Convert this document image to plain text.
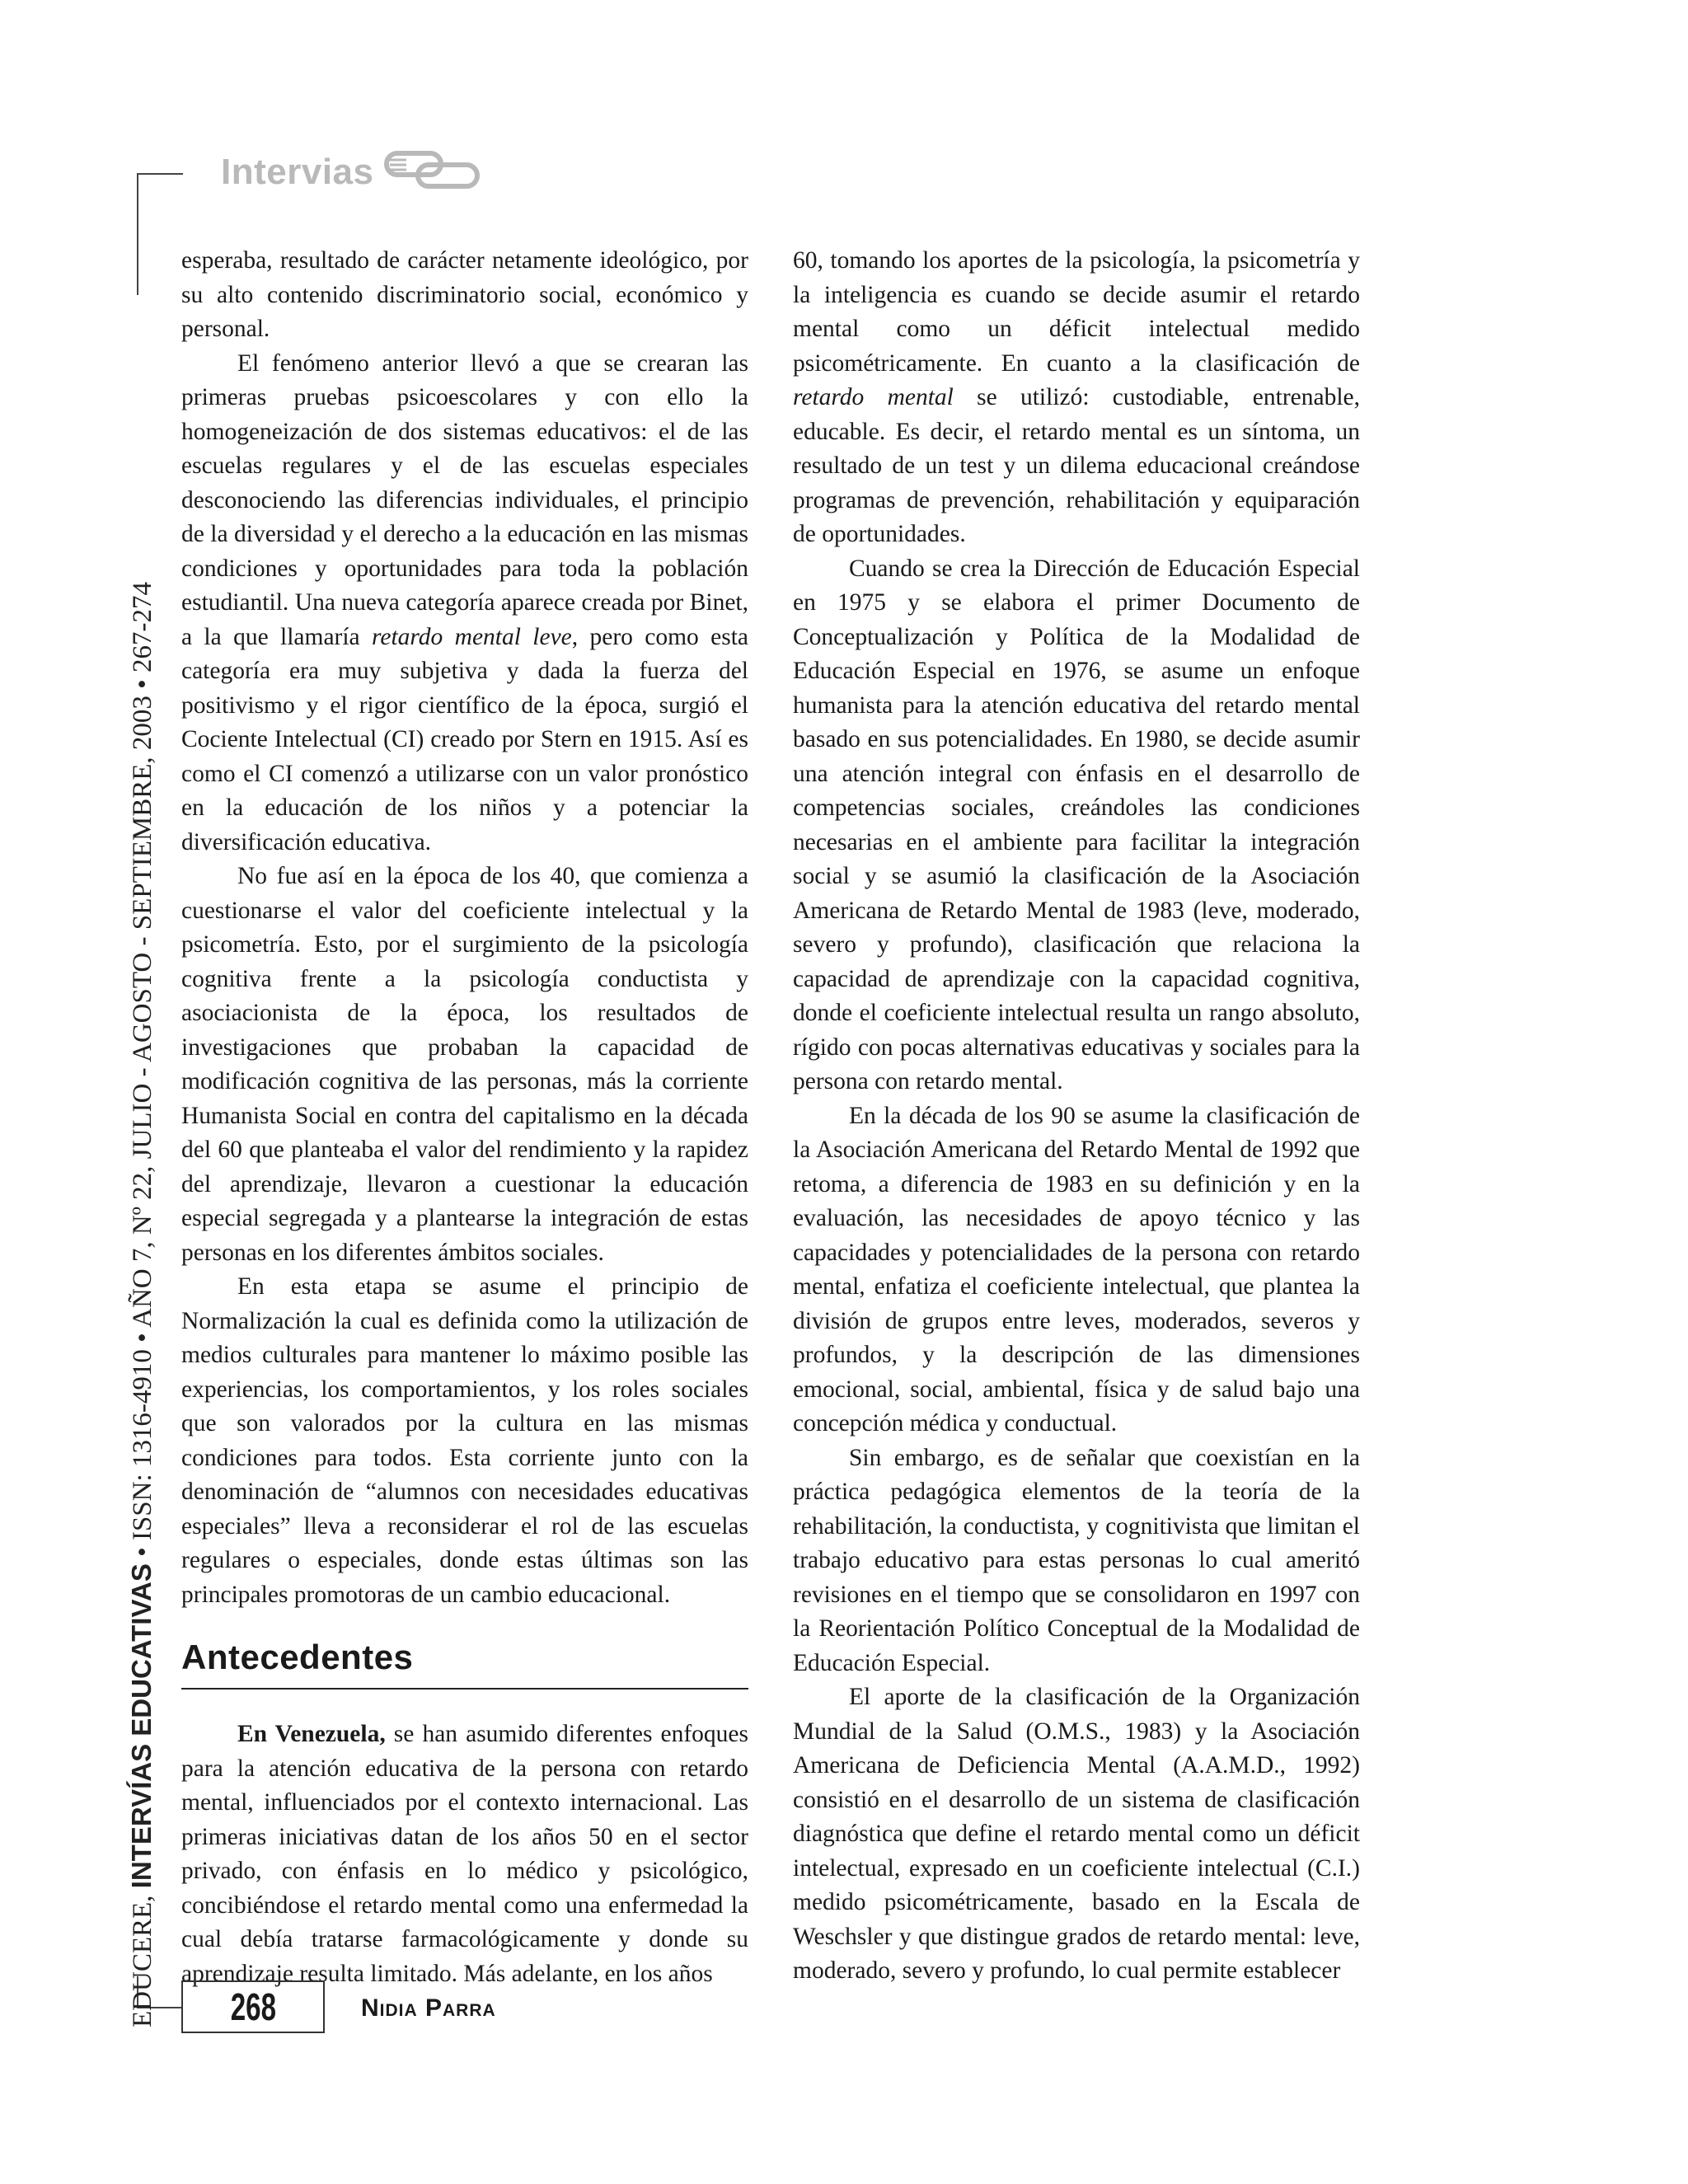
Intervias
EDUCERE, INTERVÍAS EDUCATIVAS • ISSN: 1316-4910 • AÑO 7, Nº 22, JULIO - AGOSTO - SEPTIEMBRE, 2003 • 267-274

esperaba, resultado de carácter netamente ideológico, por su alto contenido discriminatorio social, económico y personal.

El fenómeno anterior llevó a que se crearan las primeras pruebas psicoescolares y con ello la homogeneización de dos sistemas educativos: el de las escuelas regulares y el de las escuelas especiales desconociendo las diferencias individuales, el principio de la diversidad y el derecho a la educación en las mismas condiciones y oportunidades para toda la población estudiantil. Una nueva categoría aparece creada por Binet, a la que llamaría retardo mental leve, pero como esta categoría era muy subjetiva y dada la fuerza del positivismo y el rigor científico de la época, surgió el Cociente Intelectual (CI) creado por Stern en 1915. Así es como el CI comenzó a utilizarse con un valor pronóstico en la educación de los niños y a potenciar la diversificación educativa.

No fue así en la época de los 40, que comienza a cuestionarse el valor del coeficiente intelectual y la psicometría. Esto, por el surgimiento de la psicología cognitiva frente a la psicología conductista y asociacionista de la época, los resultados de investigaciones que probaban la capacidad de modificación cognitiva de las personas, más la corriente Humanista Social en contra del capitalismo en la década del 60 que planteaba el valor del rendimiento y la rapidez del aprendizaje, llevaron a cuestionar la educación especial segregada y a plantearse la integración de estas personas en los diferentes ámbitos sociales.

En esta etapa se asume el principio de Normalización la cual es definida como la utilización de medios culturales para mantener lo máximo posible las experiencias, los comportamientos, y los roles sociales que son valorados por la cultura en las mismas condiciones para todos. Esta corriente junto con la denominación de “alumnos con necesidades educativas especiales” lleva a reconsiderar el rol de las escuelas regulares o especiales, donde estas últimas son las principales promotoras de un cambio educacional.

Antecedentes

En Venezuela, se han asumido diferentes enfoques para la atención educativa de la persona con retardo mental, influenciados por el contexto internacional. Las primeras iniciativas datan de los años 50 en el sector privado, con énfasis en lo médico y psicológico, concibiéndose el retardo mental como una enfermedad la cual debía tratarse farmacológicamente y donde su aprendizaje resulta limitado. Más adelante, en los años

60, tomando los aportes de la psicología, la psicometría y la inteligencia es cuando se decide asumir el retardo mental como un déficit intelectual medido psicométricamente. En cuanto a la clasificación de retardo mental se utilizó: custodiable, entrenable, educable. Es decir, el retardo mental es un síntoma, un resultado de un test y un dilema educacional creándose programas de prevención, rehabilitación y equiparación de oportunidades.

Cuando se crea la Dirección de Educación Especial en 1975 y se elabora el primer Documento de Conceptualización y Política de la Modalidad de Educación Especial en 1976, se asume un enfoque humanista para la atención educativa del retardo mental basado en sus potencialidades. En 1980, se decide asumir una atención integral con énfasis en el desarrollo de competencias sociales, creándoles las condiciones necesarias en el ambiente para facilitar la integración social y se asumió la clasificación de la Asociación Americana de Retardo Mental de 1983 (leve, moderado, severo y profundo), clasificación que relaciona la capacidad de aprendizaje con la capacidad cognitiva, donde el coeficiente intelectual resulta un rango absoluto, rígido con pocas alternativas educativas y sociales para la persona con retardo mental.

En la década de los 90 se asume la clasificación de la Asociación Americana del Retardo Mental de 1992 que retoma, a diferencia de 1983 en su definición y en la evaluación, las necesidades de apoyo técnico y las capacidades y potencialidades de la persona con retardo mental, enfatiza el coeficiente intelectual, que plantea la división de grupos entre leves, moderados, severos y profundos, y la descripción de las dimensiones emocional, social, ambiental, física y de salud bajo una concepción médica y conductual.

Sin embargo, es de señalar que coexistían en la práctica pedagógica elementos de la teoría de la rehabilitación, la conductista, y cognitivista que limitan el trabajo educativo para estas personas lo cual ameritó revisiones en el tiempo que se consolidaron en 1997 con la Reorientación Político Conceptual de la Modalidad de Educación Especial.

El aporte de la clasificación de la Organización Mundial de la Salud (O.M.S., 1983) y la Asociación Americana de Deficiencia Mental (A.A.M.D., 1992) consistió en el desarrollo de un sistema de clasificación diagnóstica que define el retardo mental como un déficit intelectual, expresado en un coeficiente intelectual (C.I.) medido psicométricamente, basado en la Escala de Weschsler y que distingue grados de retardo mental: leve, moderado, severo y profundo, lo cual permite establecer

268	Nidia Parra
